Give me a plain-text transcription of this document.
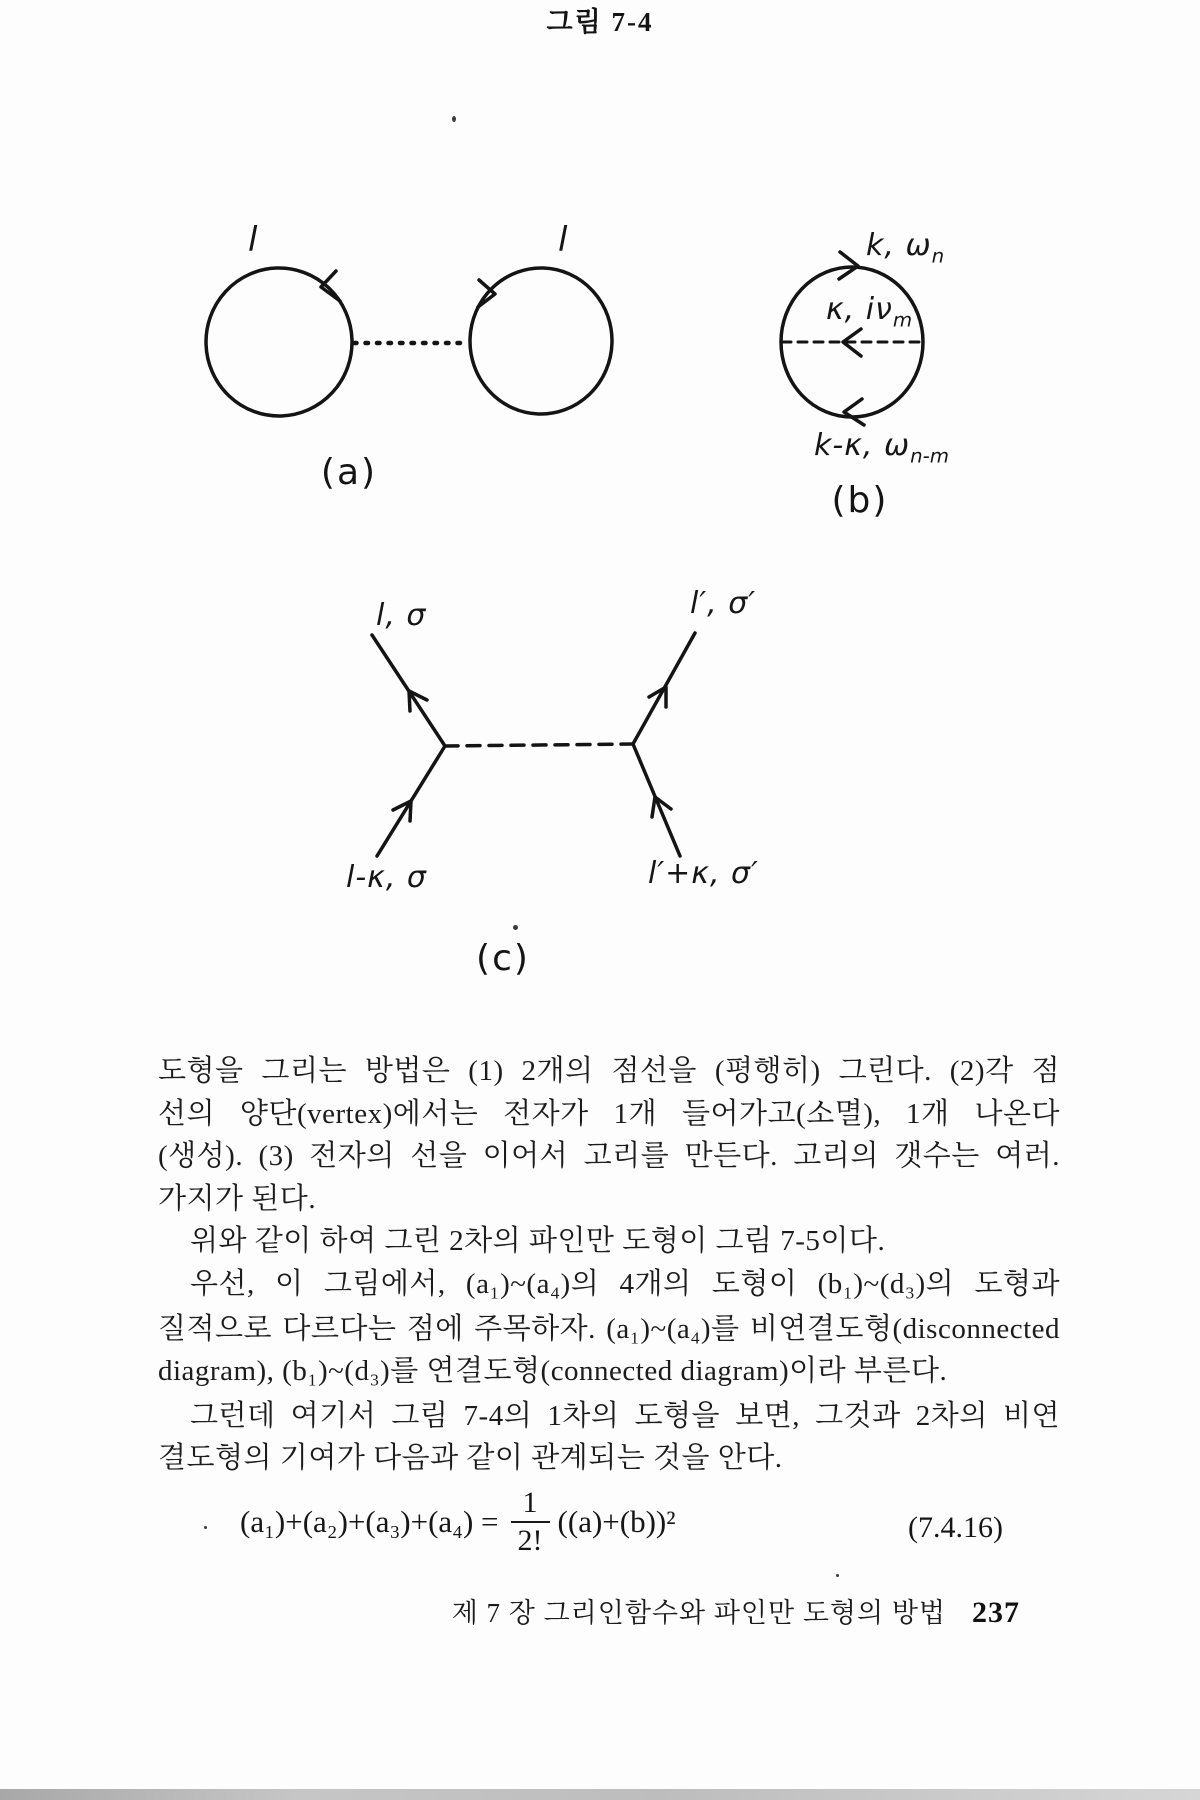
l	l
(a)
k, $\omega_n$
κ, $i\nu_m$
k-κ, $\omega_{n-m}$
(b)
l, σ	l′, σ′
l-κ, σ	l′+κ, σ′
(c)
그림 7-4
도형을 그리는 방법은 (1) 2개의 점선을 (평행히) 그린다. (2)각 점
선의 양단(vertex)에서는 전자가 1개 들어가고(소멸), 1개 나온다
(생성). (3) 전자의 선을 이어서 고리를 만든다. 고리의 갯수는 여러.
가지가 된다.
위와 같이 하여 그린 2차의 파인만 도형이 그림 7-5이다.
우선, 이 그림에서, (a₁)~(a₄)의 4개의 도형이 (b₁)~(d₃)의 도형과
질적으로 다르다는 점에 주목하자. (a₁)~(a₄)를 비연결도형(disconnected
diagram), (b₁)~(d₃)를 연결도형(connected diagram)이라 부른다.
그런데 여기서 그림 7-4의 1차의 도형을 보면, 그것과 2차의 비연
결도형의 기여가 다음과 같이 관계되는 것을 안다.
$(a_1)+(a_2)+(a_3)+(a_4) = \frac{1}{2!} ((a)+(b))^2$	(7.4.16)
제 7 장 그리인함수와 파인만 도형의 방법 237
